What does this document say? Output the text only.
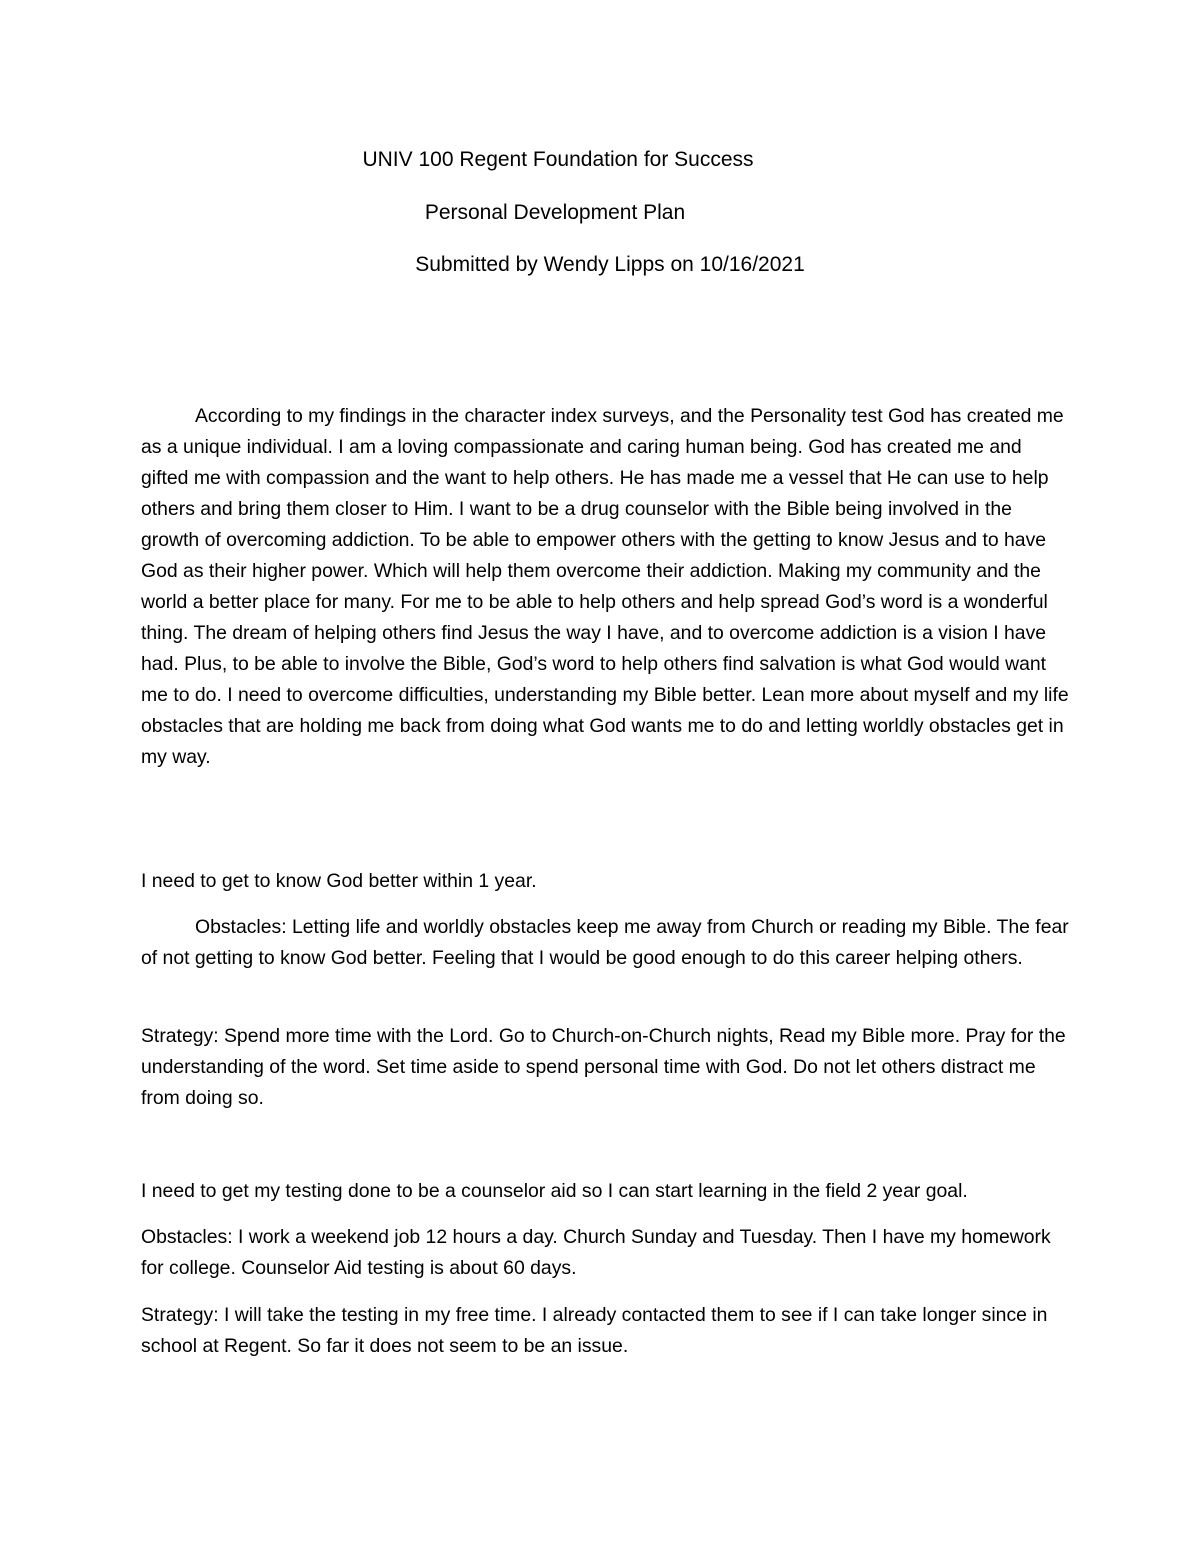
UNIV 100 Regent Foundation for Success
Personal Development Plan
Submitted by Wendy Lipps on 10/16/2021

According to my findings in the character index surveys, and the Personality test God has created me as a unique individual. I am a loving compassionate and caring human being. God has created me and gifted me with compassion and the want to help others. He has made me a vessel that He can use to help others and bring them closer to Him. I want to be a drug counselor with the Bible being involved in the growth of overcoming addiction. To be able to empower others with the getting to know Jesus and to have God as their higher power. Which will help them overcome their addiction. Making my community and the world a better place for many. For me to be able to help others and help spread God’s word is a wonderful thing. The dream of helping others find Jesus the way I have, and to overcome addiction is a vision I have had. Plus, to be able to involve the Bible, God’s word to help others find salvation is what God would want me to do. I need to overcome difficulties, understanding my Bible better. Lean more about myself and my life obstacles that are holding me back from doing what God wants me to do and letting worldly obstacles get in my way.

I need to get to know God better within 1 year.

Obstacles: Letting life and worldly obstacles keep me away from Church or reading my Bible. The fear of not getting to know God better. Feeling that I would be good enough to do this career helping others.

Strategy: Spend more time with the Lord. Go to Church-on-Church nights, Read my Bible more. Pray for the understanding of the word. Set time aside to spend personal time with God. Do not let others distract me from doing so.

I need to get my testing done to be a counselor aid so I can start learning in the field 2 year goal.

Obstacles: I work a weekend job 12 hours a day. Church Sunday and Tuesday. Then I have my homework for college. Counselor Aid testing is about 60 days.

Strategy: I will take the testing in my free time. I already contacted them to see if I can take longer since in school at Regent. So far it does not seem to be an issue.
